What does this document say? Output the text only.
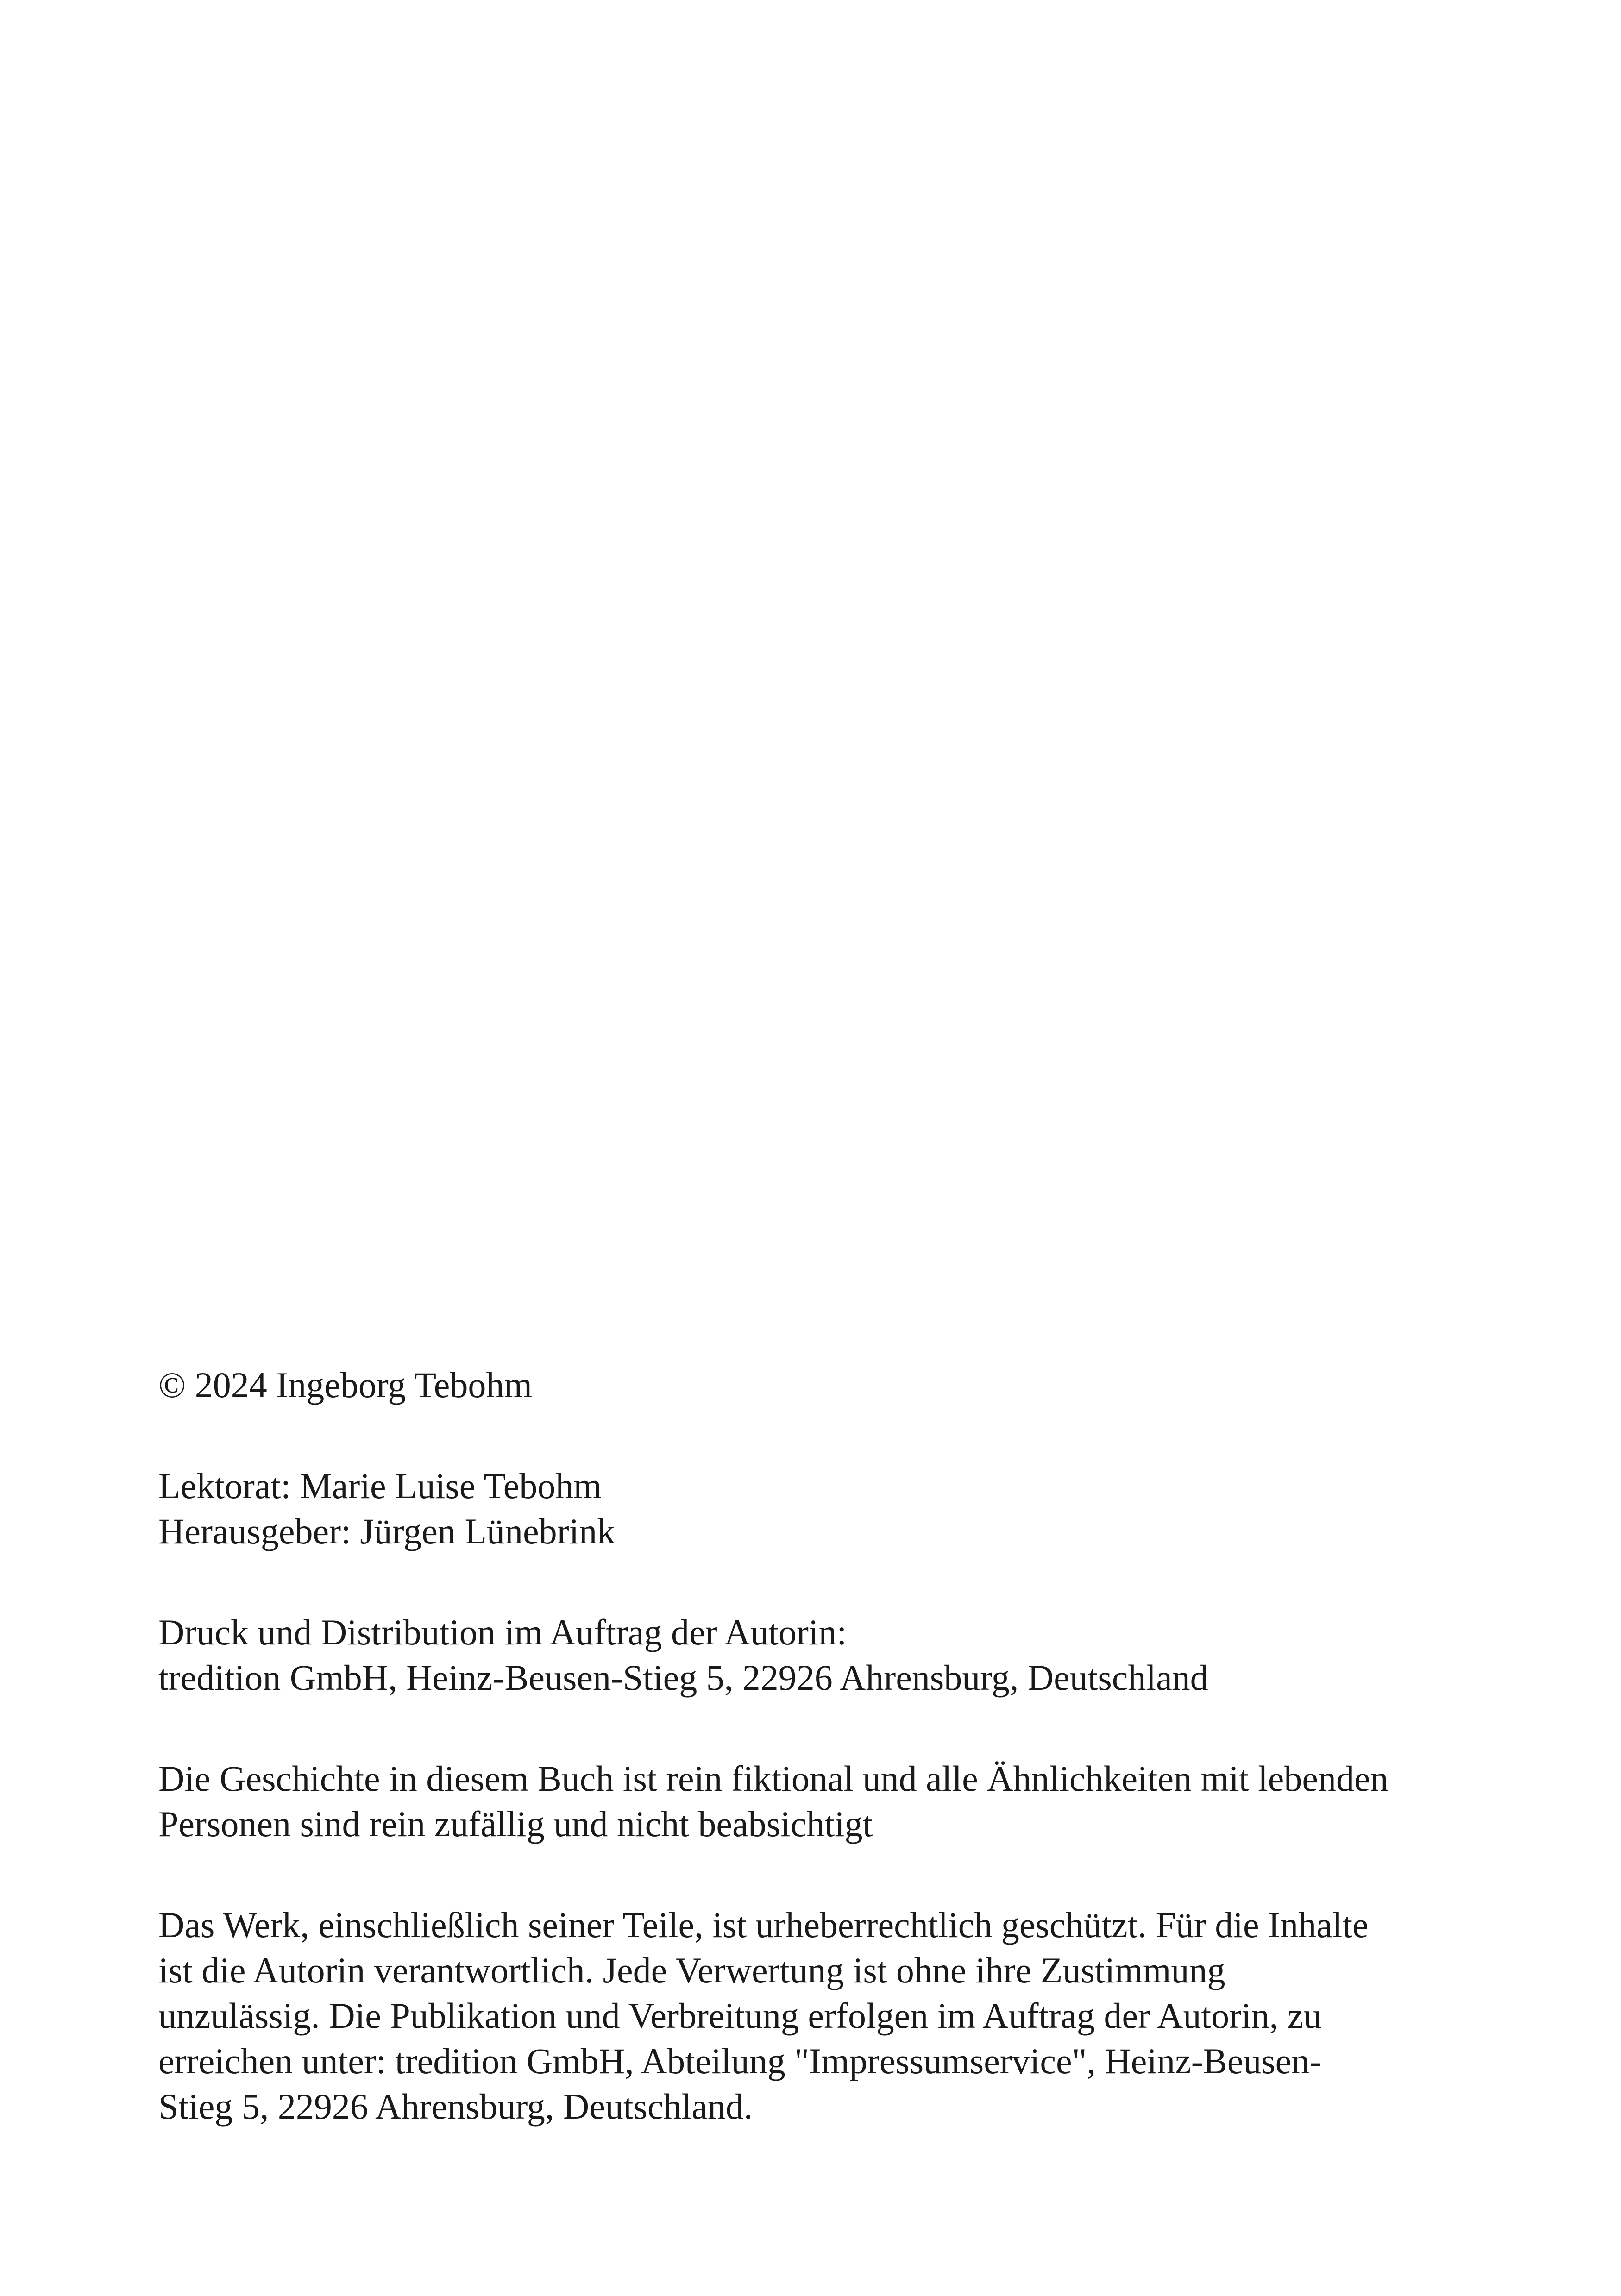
© 2024 Ingeborg Tebohm

Lektorat: Marie Luise Tebohm
Herausgeber: Jürgen Lünebrink

Druck und Distribution im Auftrag der Autorin:
tredition GmbH, Heinz-Beusen-Stieg 5, 22926 Ahrensburg, Deutschland

Die Geschichte in diesem Buch ist rein fiktional und alle Ähnlichkeiten mit lebenden
Personen sind rein zufällig und nicht beabsichtigt

Das Werk, einschließlich seiner Teile, ist urheberrechtlich geschützt. Für die Inhalte
ist die Autorin verantwortlich. Jede Verwertung ist ohne ihre Zustimmung
unzulässig. Die Publikation und Verbreitung erfolgen im Auftrag der Autorin, zu
erreichen unter: tredition GmbH, Abteilung "Impressumservice", Heinz-Beusen-
Stieg 5, 22926 Ahrensburg, Deutschland.
